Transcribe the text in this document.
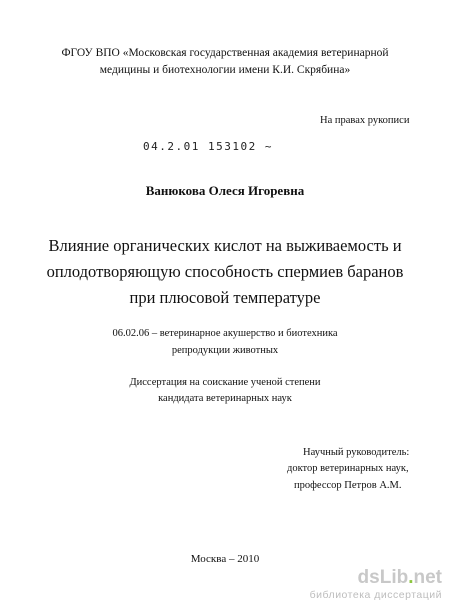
ФГОУ ВПО «Московская государственная академия ветеринарной
медицины и биотехнологии имени К.И. Скрябина»
На правах рукописи
04.2.01 153102 ~
Ванюкова Олеся Игоревна
Влияние органических кислот на выживаемость и
оплодотворяющую способность спермиев баранов
при плюсовой температуре
06.02.06 – ветеринарное акушерство и биотехника
репродукции животных
Диссертация на соискание ученой степени
кандидата ветеринарных наук
Научный руководитель:
доктор ветеринарных наук,
профессор Петров А.М.
Москва – 2010
dsLib.net
библиотека диссертаций
